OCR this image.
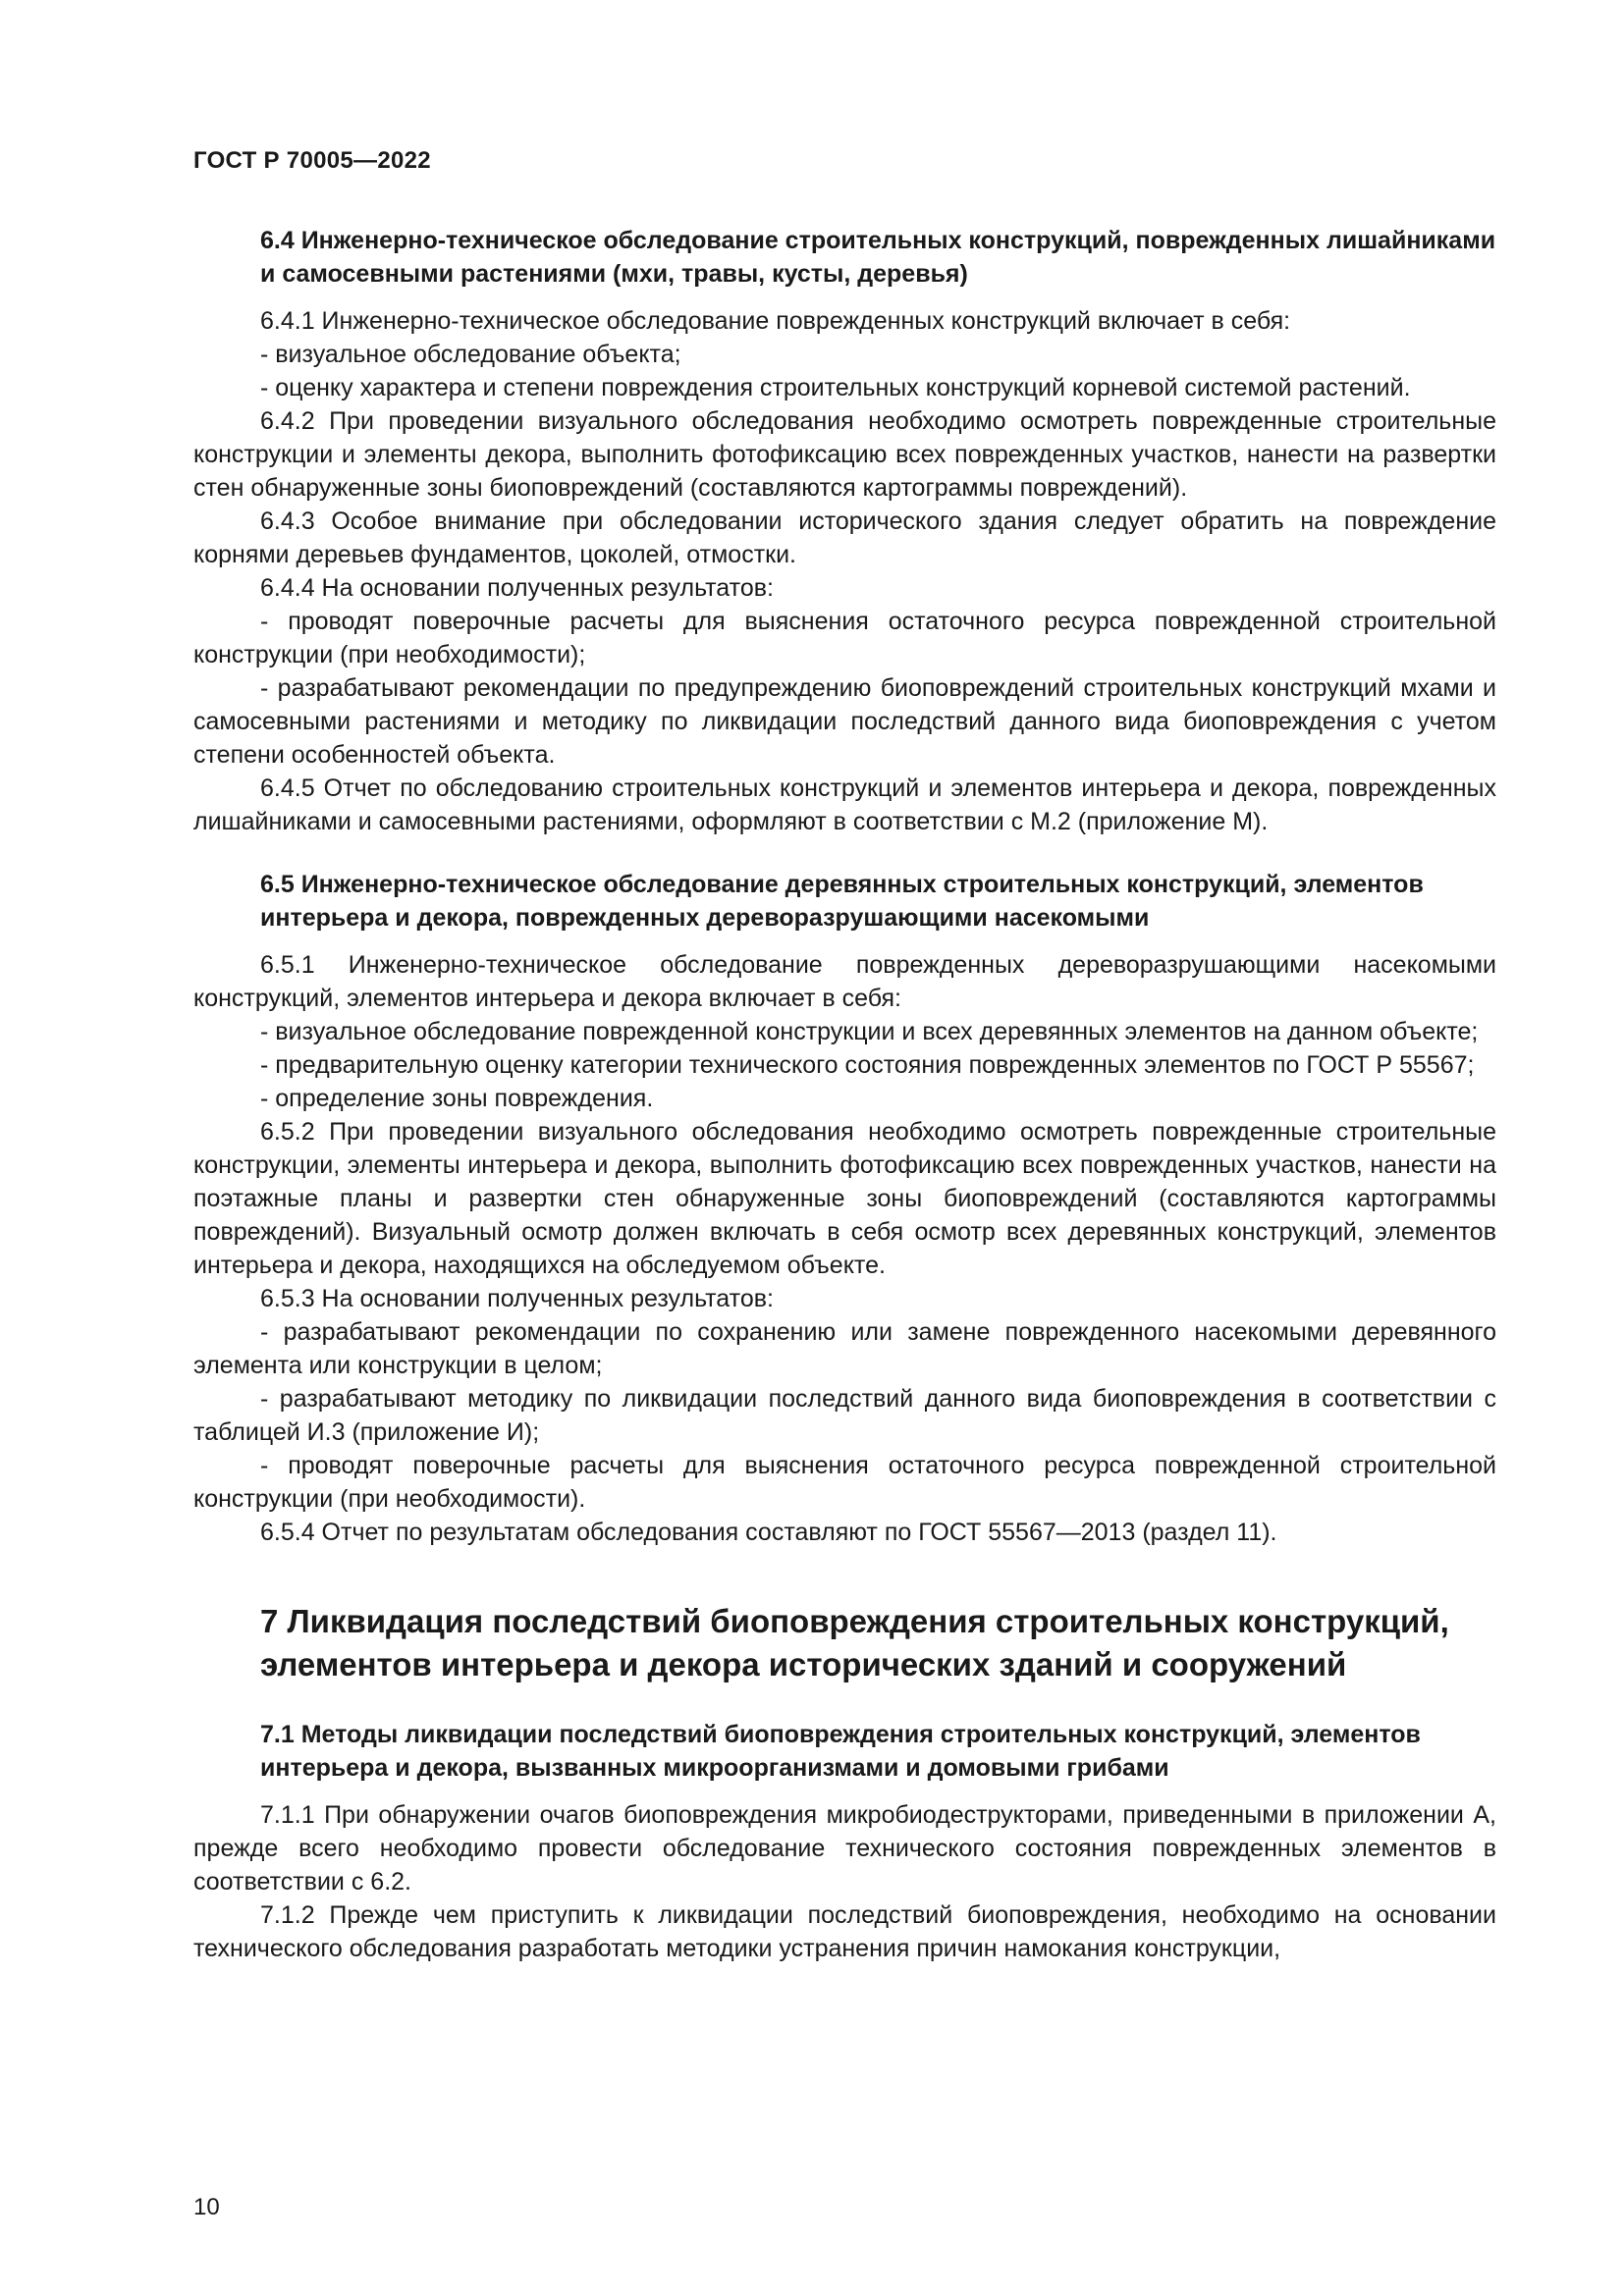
ГОСТ Р 70005—2022
6.4 Инженерно-техническое обследование строительных конструкций, поврежденных лишайниками и самосевными растениями (мхи, травы, кусты, деревья)

6.4.1 Инженерно-техническое обследование поврежденных конструкций включает в себя:

- визуальное обследование объекта;

- оценку характера и степени повреждения строительных конструкций корневой системой растений.

6.4.2 При проведении визуального обследования необходимо осмотреть поврежденные строительные конструкции и элементы декора, выполнить фотофиксацию всех поврежденных участков, нанести на развертки стен обнаруженные зоны биоповреждений (составляются картограммы повреждений).

6.4.3 Особое внимание при обследовании исторического здания следует обратить на повреждение корнями деревьев фундаментов, цоколей, отмостки.

6.4.4 На основании полученных результатов:

- проводят поверочные расчеты для выяснения остаточного ресурса поврежденной строительной конструкции (при необходимости);

- разрабатывают рекомендации по предупреждению биоповреждений строительных конструкций мхами и самосевными растениями и методику по ликвидации последствий данного вида биоповреждения с учетом степени особенностей объекта.

6.4.5 Отчет по обследованию строительных конструкций и элементов интерьера и декора, поврежденных лишайниками и самосевными растениями, оформляют в соответствии с М.2 (приложение М).

6.5 Инженерно-техническое обследование деревянных строительных конструкций, элементов интерьера и декора, поврежденных дереворазрушающими насекомыми

6.5.1 Инженерно-техническое обследование поврежденных дереворазрушающими насекомыми конструкций, элементов интерьера и декора включает в себя:

- визуальное обследование поврежденной конструкции и всех деревянных элементов на данном объекте;

- предварительную оценку категории технического состояния поврежденных элементов по ГОСТ Р 55567;

- определение зоны повреждения.

6.5.2 При проведении визуального обследования необходимо осмотреть поврежденные строительные конструкции, элементы интерьера и декора, выполнить фотофиксацию всех поврежденных участков, нанести на поэтажные планы и развертки стен обнаруженные зоны биоповреждений (составляются картограммы повреждений). Визуальный осмотр должен включать в себя осмотр всех деревянных конструкций, элементов интерьера и декора, находящихся на обследуемом объекте.

6.5.3 На основании полученных результатов:

- разрабатывают рекомендации по сохранению или замене поврежденного насекомыми деревянного элемента или конструкции в целом;

- разрабатывают методику по ликвидации последствий данного вида биоповреждения в соответствии с таблицей И.3 (приложение И);

- проводят поверочные расчеты для выяснения остаточного ресурса поврежденной строительной конструкции (при необходимости).

6.5.4 Отчет по результатам обследования составляют по ГОСТ 55567—2013 (раздел 11).

7 Ликвидация последствий биоповреждения строительных конструкций, элементов интерьера и декора исторических зданий и сооружений
7.1 Методы ликвидации последствий биоповреждения строительных конструкций, элементов интерьера и декора, вызванных микроорганизмами и домовыми грибами

7.1.1 При обнаружении очагов биоповреждения микробиодеструкторами, приведенными в приложении А, прежде всего необходимо провести обследование технического состояния поврежденных элементов в соответствии с 6.2.

7.1.2 Прежде чем приступить к ликвидации последствий биоповреждения, необходимо на основании технического обследования разработать методики устранения причин намокания конструкции,

10
